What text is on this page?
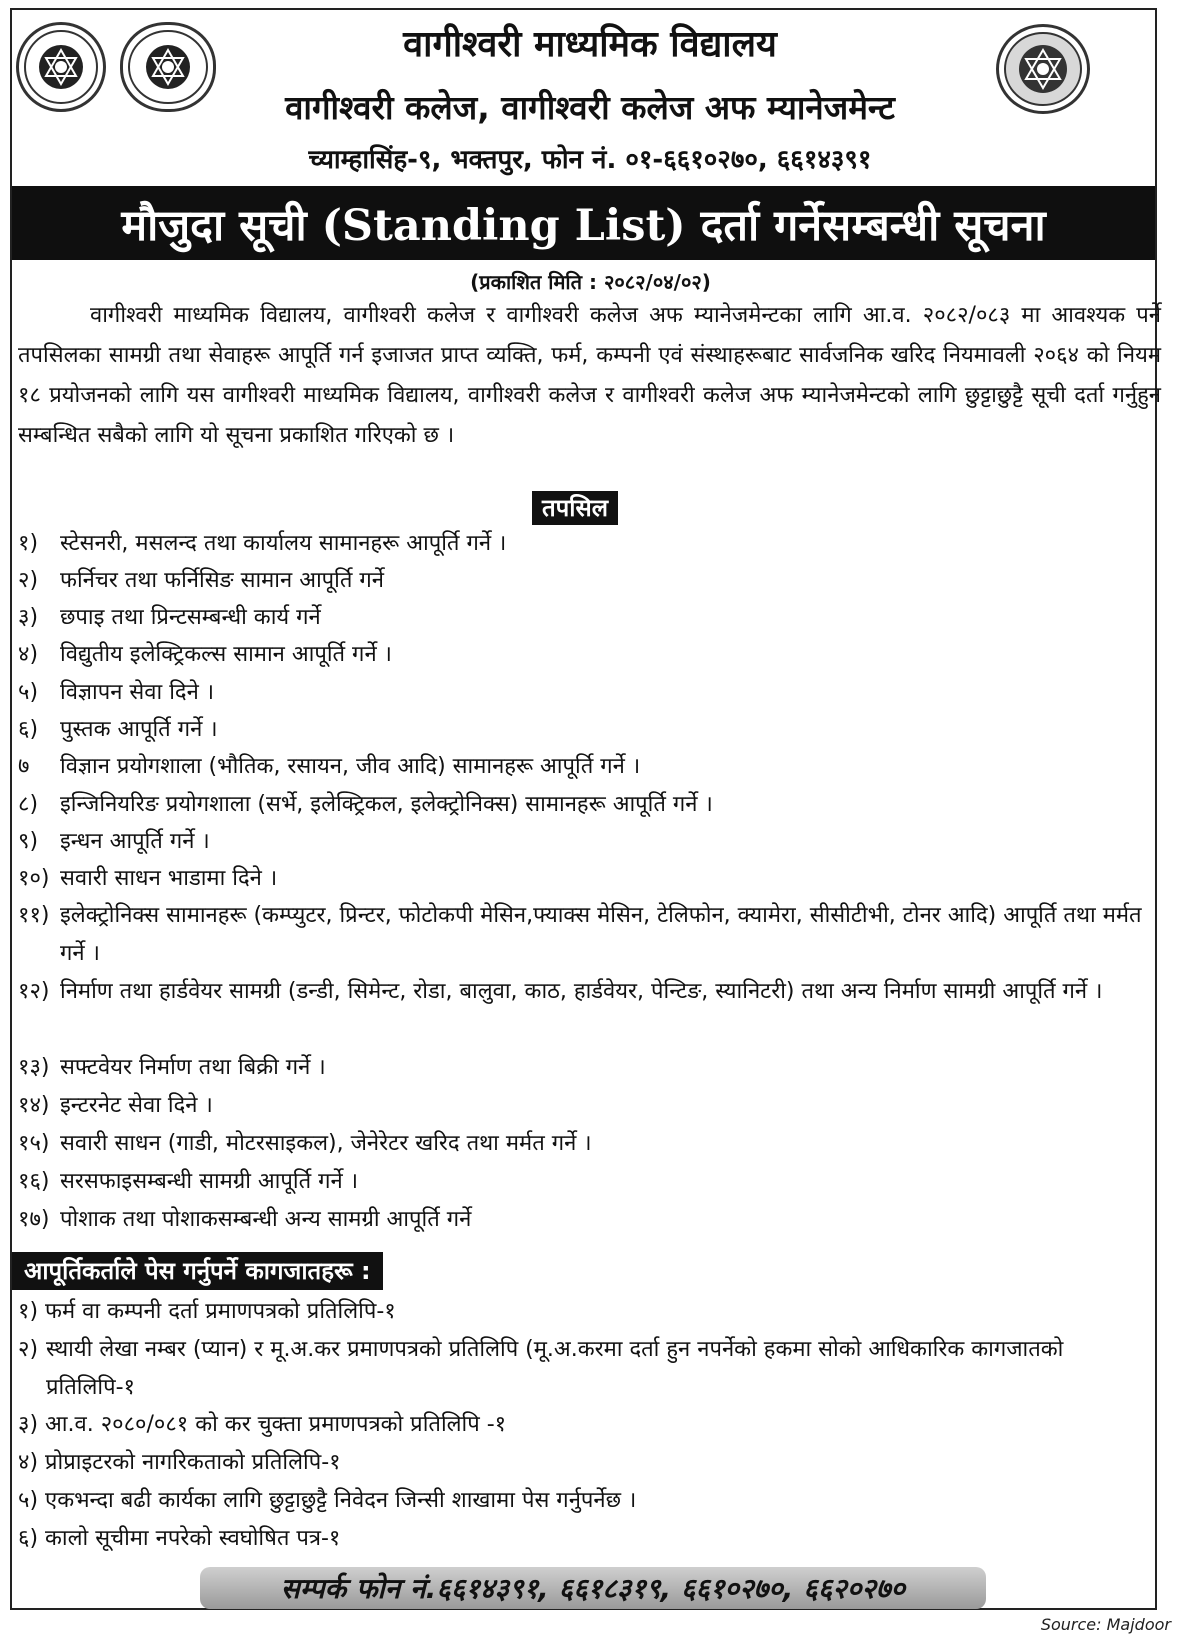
वागीश्वरी माध्यमिक विद्यालय
वागीश्वरी कलेज, वागीश्वरी कलेज अफ म्यानेजमेन्ट
च्याम्हासिंह-९, भक्तपुर, फोन नं. ०१-६६१०२७०, ६६१४३९१
मौजुदा सूची (Standing List) दर्ता गर्नेसम्बन्धी सूचना
(प्रकाशित मिति : २०८२/०४/०२)
वागीश्वरी माध्यमिक विद्यालय, वागीश्वरी कलेज र वागीश्वरी कलेज अफ म्यानेजमेन्टका लागि आ.व. २०८२/०८३ मा आवश्यक पर्ने तपसिलका सामग्री तथा सेवाहरू आपूर्ति गर्न इजाजत प्राप्त व्यक्ति, फर्म, कम्पनी एवं संस्थाहरूबाट सार्वजनिक खरिद नियमावली २०६४ को नियम १८ प्रयोजनको लागि यस वागीश्वरी माध्यमिक विद्यालय, वागीश्वरी कलेज र वागीश्वरी कलेज अफ म्यानेजमेन्टको लागि छुट्टाछुट्टै सूची दर्ता गर्नुहुन सम्बन्धित सबैको लागि यो सूचना प्रकाशित गरिएको छ ।
तपसिल
१) स्टेसनरी, मसलन्द तथा कार्यालय सामानहरू आपूर्ति गर्ने ।
२) फर्निचर तथा फर्निसिङ सामान आपूर्ति गर्ने
३) छपाइ तथा प्रिन्टसम्बन्धी कार्य गर्ने
४) विद्युतीय इलेक्ट्रिकल्स सामान आपूर्ति गर्ने ।
५) विज्ञापन सेवा दिने ।
६) पुस्तक आपूर्ति गर्ने ।
७ विज्ञान प्रयोगशाला (भौतिक, रसायन, जीव आदि) सामानहरू आपूर्ति गर्ने ।
८) इन्जिनियरिङ प्रयोगशाला (सर्भे, इलेक्ट्रिकल, इलेक्ट्रोनिक्स) सामानहरू आपूर्ति गर्ने ।
९) इन्धन आपूर्ति गर्ने ।
१०) सवारी साधन भाडामा दिने ।
११) इलेक्ट्रोनिक्स सामानहरू (कम्प्युटर, प्रिन्टर, फोटोकपी मेसिन,फ्याक्स मेसिन, टेलिफोन, क्यामेरा, सीसीटीभी, टोनर आदि) आपूर्ति तथा मर्मत गर्ने ।
१२) निर्माण तथा हार्डवेयर सामग्री (डन्डी, सिमेन्ट, रोडा, बालुवा, काठ, हार्डवेयर, पेन्टिङ, स्यानिटरी) तथा अन्य निर्माण सामग्री आपूर्ति गर्ने ।
१३) सफ्टवेयर निर्माण तथा बिक्री गर्ने ।
१४) इन्टरनेट सेवा दिने ।
१५) सवारी साधन (गाडी, मोटरसाइकल), जेनेरेटर खरिद तथा मर्मत गर्ने ।
१६) सरसफाइसम्बन्धी सामग्री आपूर्ति गर्ने ।
१७) पोशाक तथा पोशाकसम्बन्धी अन्य सामग्री आपूर्ति गर्ने
आपूर्तिकर्ताले पेस गर्नुपर्ने कागजातहरू :
१) फर्म वा कम्पनी दर्ता प्रमाणपत्रको प्रतिलिपि-१
२) स्थायी लेखा नम्बर (प्यान) र मू.अ.कर प्रमाणपत्रको प्रतिलिपि (मू.अ.करमा दर्ता हुन नपर्नेको हकमा सोको आधिकारिक कागजातको प्रतिलिपि-१
३) आ.व. २०८०/०८१ को कर चुक्ता प्रमाणपत्रको प्रतिलिपि -१
४) प्रोप्राइटरको नागरिकताको प्रतिलिपि-१
५) एकभन्दा बढी कार्यका लागि छुट्टाछुट्टै निवेदन जिन्सी शाखामा पेस गर्नुपर्नेछ ।
६) कालो सूचीमा नपरेको स्वघोषित पत्र-१
सम्पर्क फोन नं.६६१४३९१, ६६१८३१९, ६६१०२७०, ६६२०२७०
Source: Majdoor
